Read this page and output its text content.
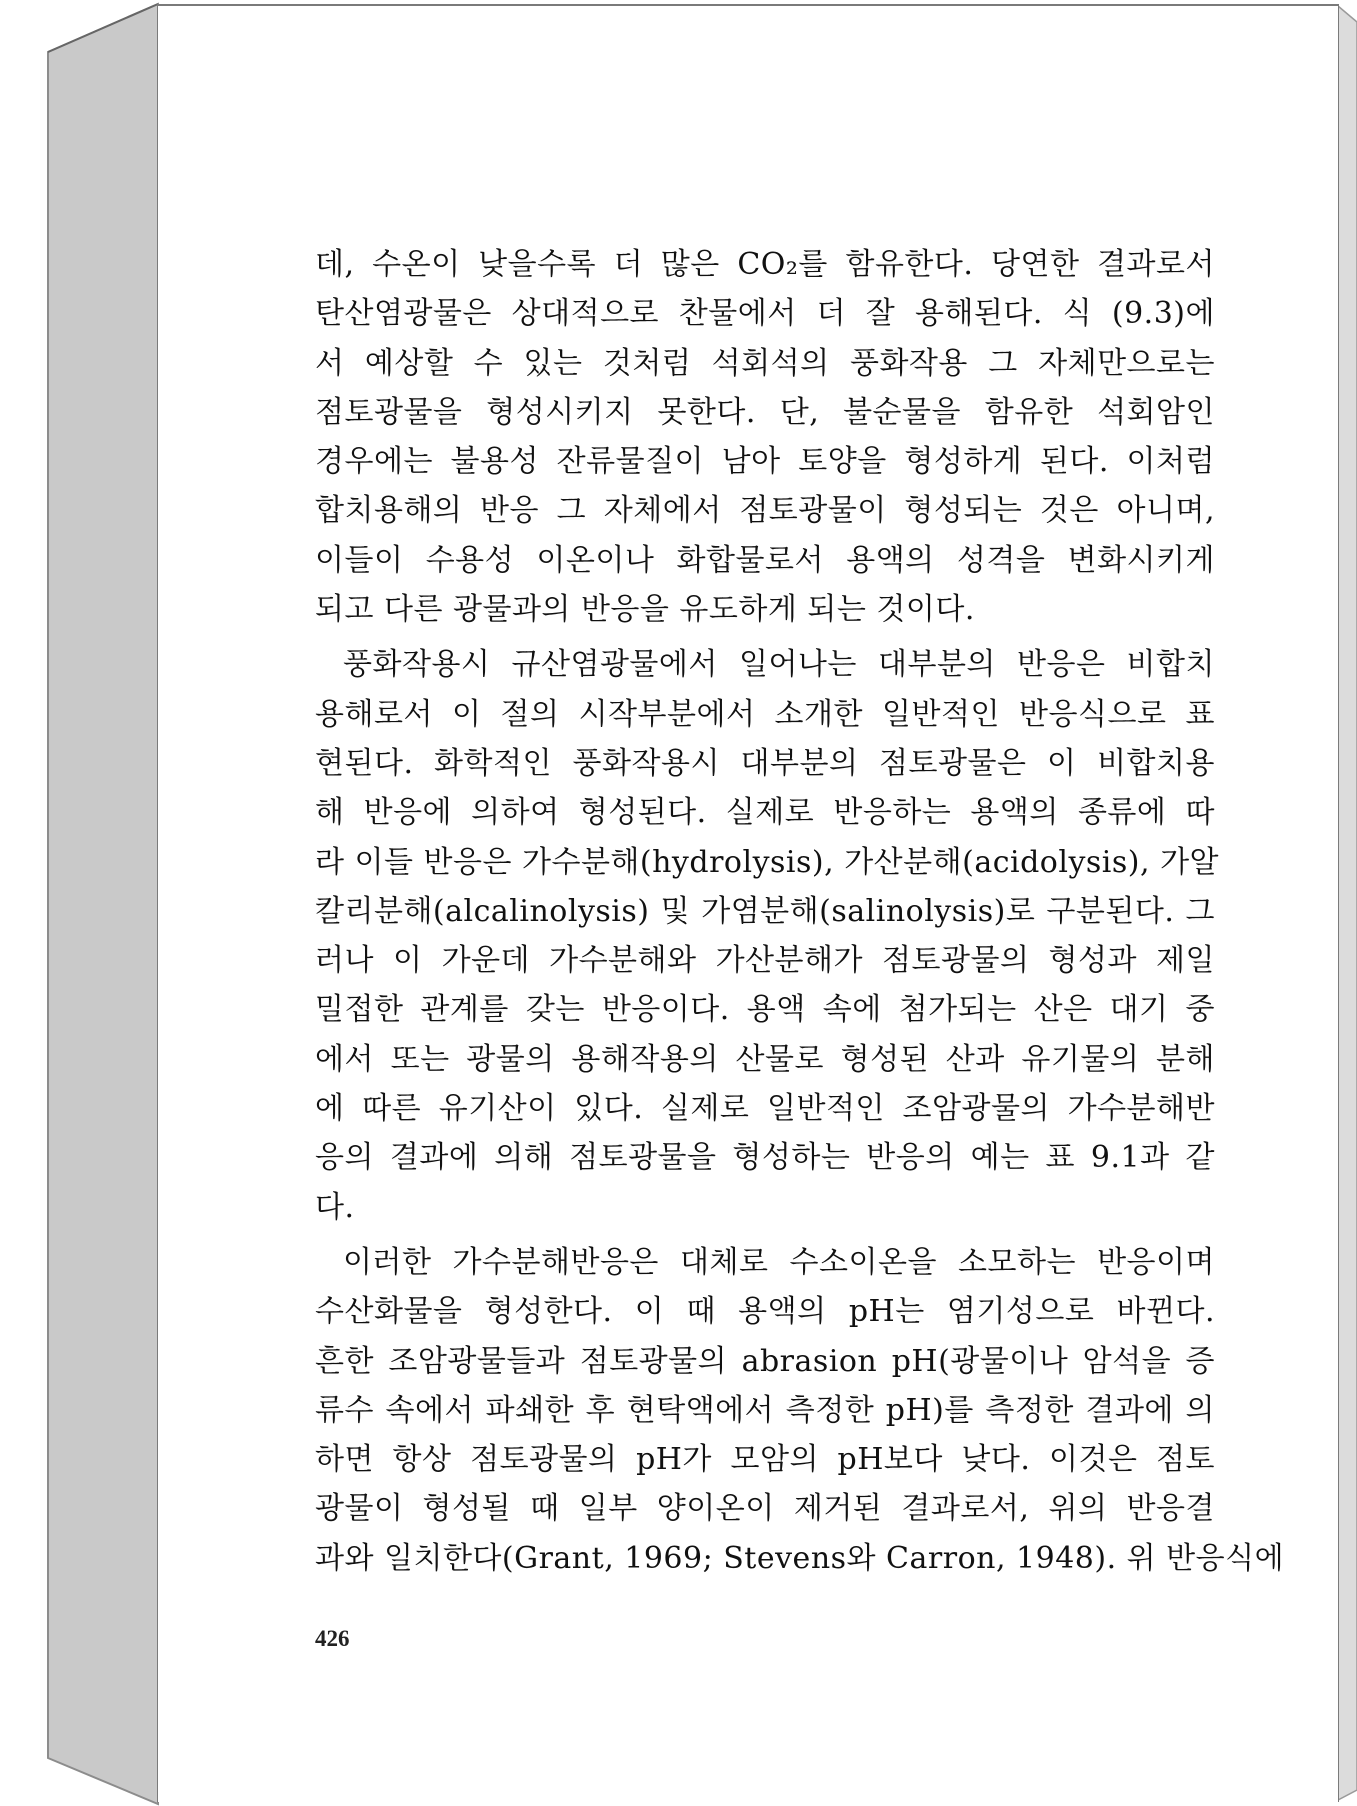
데, 수온이 낮을수록 더 많은 CO₂를 함유한다. 당연한 결과로서
탄산염광물은 상대적으로 찬물에서 더 잘 용해된다. 식 (9.3)에
서 예상할 수 있는 것처럼 석회석의 풍화작용 그 자체만으로는
점토광물을 형성시키지 못한다. 단, 불순물을 함유한 석회암인
경우에는 불용성 잔류물질이 남아 토양을 형성하게 된다. 이처럼
합치용해의 반응 그 자체에서 점토광물이 형성되는 것은 아니며,
이들이 수용성 이온이나 화합물로서 용액의 성격을 변화시키게
되고 다른 광물과의 반응을 유도하게 되는 것이다.
풍화작용시 규산염광물에서 일어나는 대부분의 반응은 비합치
용해로서 이 절의 시작부분에서 소개한 일반적인 반응식으로 표
현된다. 화학적인 풍화작용시 대부분의 점토광물은 이 비합치용
해 반응에 의하여 형성된다. 실제로 반응하는 용액의 종류에 따
라 이들 반응은 가수분해(hydrolysis), 가산분해(acidolysis), 가알
칼리분해(alcalinolysis) 및 가염분해(salinolysis)로 구분된다. 그
러나 이 가운데 가수분해와 가산분해가 점토광물의 형성과 제일
밀접한 관계를 갖는 반응이다. 용액 속에 첨가되는 산은 대기 중
에서 또는 광물의 용해작용의 산물로 형성된 산과 유기물의 분해
에 따른 유기산이 있다. 실제로 일반적인 조암광물의 가수분해반
응의 결과에 의해 점토광물을 형성하는 반응의 예는 표 9.1과 같
다.
이러한 가수분해반응은 대체로 수소이온을 소모하는 반응이며
수산화물을 형성한다. 이 때 용액의 pH는 염기성으로 바뀐다.
흔한 조암광물들과 점토광물의 abrasion pH(광물이나 암석을 증
류수 속에서 파쇄한 후 현탁액에서 측정한 pH)를 측정한 결과에 의
하면 항상 점토광물의 pH가 모암의 pH보다 낮다. 이것은 점토
광물이 형성될 때 일부 양이온이 제거된 결과로서, 위의 반응결
과와 일치한다(Grant, 1969; Stevens와 Carron, 1948). 위 반응식에
426
